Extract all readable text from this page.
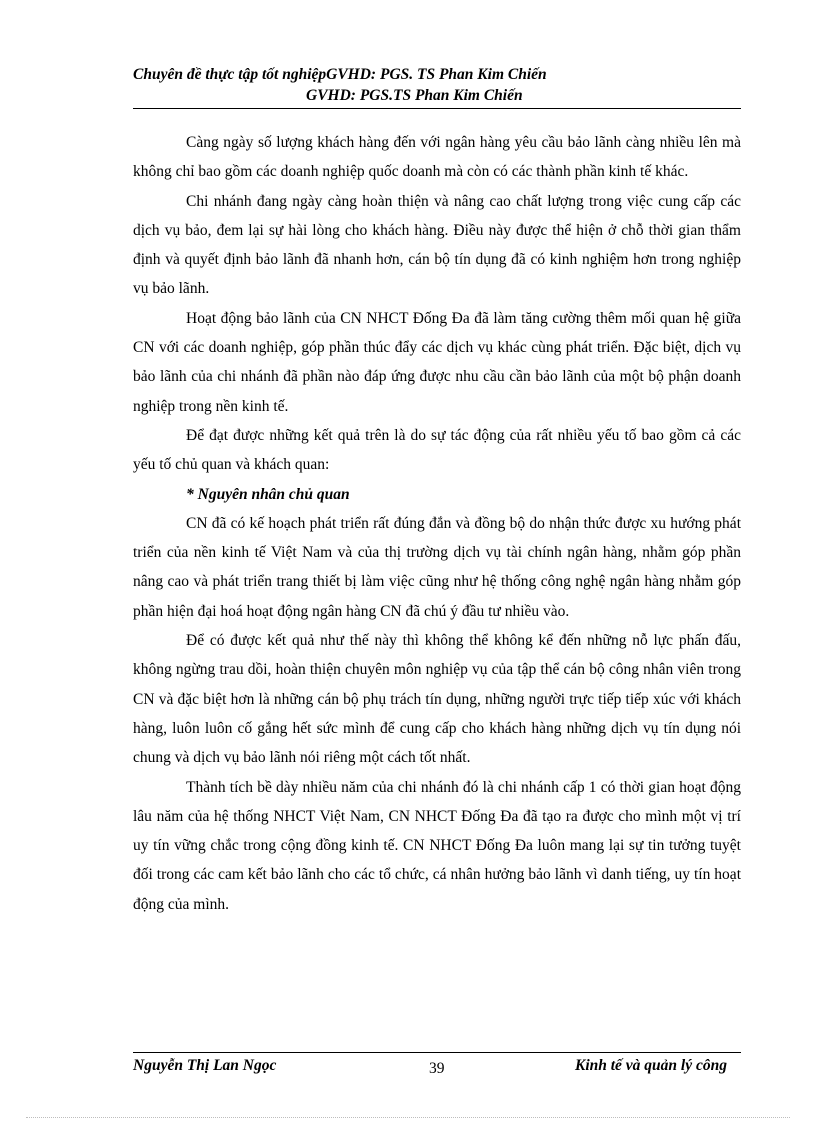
Chuyên đề thực tập tốt nghiệpGVHD: PGS. TS Phan Kim Chiến
GVHD: PGS.TS Phan Kim Chiến

Càng ngày số lượng khách hàng đến với ngân hàng yêu cầu bảo lãnh càng nhiều lên mà không chỉ bao gồm các doanh nghiệp quốc doanh mà còn có các thành phần kinh tế khác.

Chi nhánh đang ngày càng hoàn thiện và nâng cao chất lượng trong việc cung cấp các dịch vụ bảo, đem lại sự hài lòng cho khách hàng. Điều này được thể hiện ở chỗ thời gian thẩm định và quyết định bảo lãnh đã nhanh hơn, cán bộ tín dụng đã có kinh nghiệm hơn trong nghiệp vụ bảo lãnh.

Hoạt động bảo lãnh của CN NHCT Đống Đa đã làm tăng cường thêm mối quan hệ giữa CN với các doanh nghiệp, góp phần thúc đẩy các dịch vụ khác cùng phát triển. Đặc biệt, dịch vụ bảo lãnh của chi nhánh đã phần nào đáp ứng được nhu cầu cần bảo lãnh của một bộ phận doanh nghiệp trong nền kinh tế.

Để đạt được những kết quả trên là do sự tác động của rất nhiều yếu tố bao gồm cả các yếu tố chủ quan và khách quan:

* Nguyên nhân chủ quan

CN đã có kế hoạch phát triển rất đúng đắn và đồng bộ do nhận thức được xu hướng phát triển của nền kinh tế Việt Nam và của thị trường dịch vụ tài chính ngân hàng, nhằm góp phần nâng cao và phát triển trang thiết bị làm việc cũng như hệ thống công nghệ ngân hàng nhằm góp phần hiện đại hoá hoạt động ngân hàng CN đã chú ý đầu tư nhiều vào.

Để có được kết quả như thế này thì không thể không kể đến những nỗ lực phấn đấu, không ngừng trau dồi, hoàn thiện chuyên môn nghiệp vụ của tập thể cán bộ công nhân viên trong CN và đặc biệt hơn là những cán bộ phụ trách tín dụng, những người trực tiếp tiếp xúc với khách hàng, luôn luôn cố gắng hết sức mình để cung cấp cho khách hàng những dịch vụ tín dụng nói chung và dịch vụ bảo lãnh nói riêng một cách tốt nhất.

Thành tích bề dày nhiều năm của chi nhánh đó là chi nhánh cấp 1 có thời gian hoạt động lâu năm của hệ thống NHCT Việt Nam, CN NHCT Đống Đa đã tạo ra được cho mình một vị trí uy tín vững chắc trong cộng đồng kinh tế. CN NHCT Đống Đa luôn mang lại sự tin tưởng tuyệt đối trong các cam kết bảo lãnh cho các tổ chức, cá nhân hưởng bảo lãnh vì danh tiếng, uy tín hoạt động của mình.

Nguyễn Thị Lan Ngọc	39	Kinh tế và quản lý công
